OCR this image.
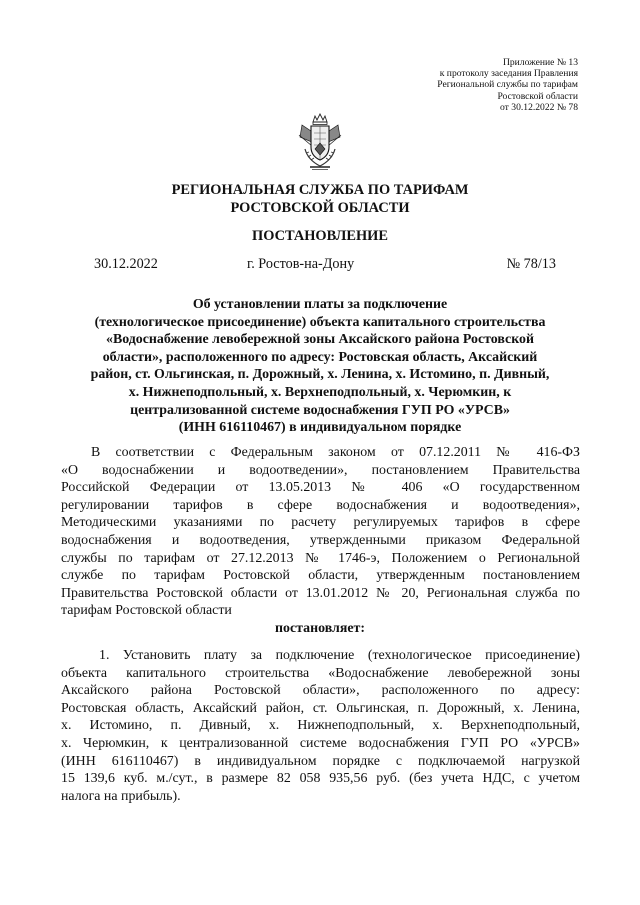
Приложение № 13
к протоколу заседания Правления
Региональной службы по тарифам
Ростовской области
от 30.12.2022 № 78
РЕГИОНАЛЬНАЯ СЛУЖБА ПО ТАРИФАМ
РОСТОВСКОЙ ОБЛАСТИ
ПОСТАНОВЛЕНИЕ
30.12.2022	г. Ростов-на-Дону	№ 78/13
Об установлении платы за подключение
(технологическое присоединение) объекта капитального строительства
«Водоснабжение левобережной зоны Аксайского района Ростовской
области», расположенного по адресу: Ростовская область, Аксайский
район, ст. Ольгинская, п. Дорожный, х. Ленина, х. Истомино, п. Дивный,
х. Нижнеподпольный, х. Верхнеподпольный, х. Черюмкин, к
централизованной системе водоснабжения ГУП РО «УРСВ»
(ИНН 616110467) в индивидуальном порядке
В соответствии с Федеральным законом от 07.12.2011 № 416-ФЗ
«О водоснабжении и водоотведении», постановлением Правительства
Российской Федерации от 13.05.2013 № 406 «О государственном
регулировании тарифов в сфере водоснабжения и водоотведения»,
Методическими указаниями по расчету регулируемых тарифов в сфере
водоснабжения и водоотведения, утвержденными приказом Федеральной
службы по тарифам от 27.12.2013 № 1746-э, Положением о Региональной
службе по тарифам Ростовской области, утвержденным постановлением
Правительства Ростовской области от 13.01.2012 № 20, Региональная служба по
тарифам Ростовской области
постановляет:
1. Установить плату за подключение (технологическое присоединение)
объекта капитального строительства «Водоснабжение левобережной зоны
Аксайского района Ростовской области», расположенного по адресу:
Ростовская область, Аксайский район, ст. Ольгинская, п. Дорожный, х. Ленина,
х. Истомино, п. Дивный, х. Нижнеподпольный, х. Верхнеподпольный,
х. Черюмкин, к централизованной системе водоснабжения ГУП РО «УРСВ»
(ИНН 616110467) в индивидуальном порядке с подключаемой нагрузкой
15 139,6 куб. м./сут., в размере 82 058 935,56 руб. (без учета НДС, с учетом
налога на прибыль).
